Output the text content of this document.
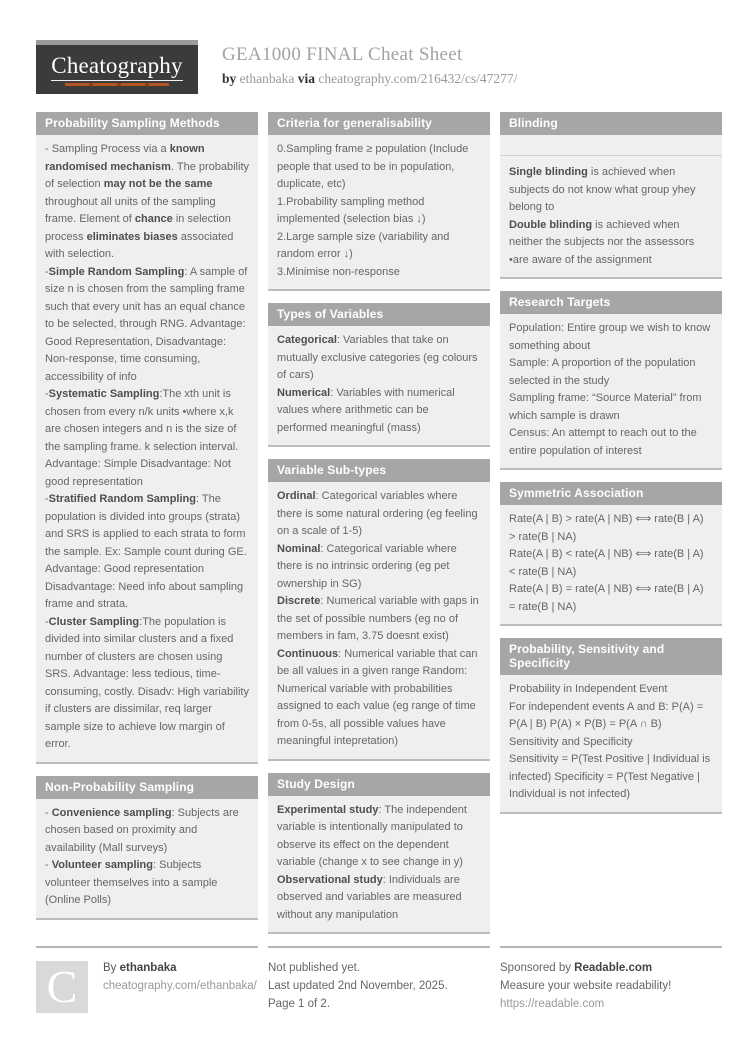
Cheatography GEA1000 FINAL Cheat Sheet
by ethanbaka via cheatography.com/216432/cs/47277/
Probability Sampling Methods
- Sampling Process via a known randomised mechanism. The probability of selection may not be the same throughout all units of the sampling frame. Element of chance in selection process eliminates biases associated with selection.
-Simple Random Sampling: A sample of size n is chosen from the sampling frame such that every unit has an equal chance to be selected, through RNG. Advantage: Good Representation, Disadvantage: Non-response, time consuming, accessibility of info
-Systematic Sampling:The xth unit is chosen from every n/k units •where x,k are chosen integers and n is the size of the sampling frame. k selection interval. Advantage: Simple Disadvantage: Not good representation
-Stratified Random Sampling: The population is divided into groups (strata) and SRS is applied to each strata to form the sample. Ex: Sample count during GE. Advantage: Good representation Disadvantage: Need info about sampling frame and strata.
-Cluster Sampling:The population is divided into similar clusters and a fixed number of clusters are chosen using SRS. Advantage: less tedious, time-consuming, costly. Disadv: High variability if clusters are dissimilar, req larger sample size to achieve low margin of error.
Non-Probability Sampling
- Convenience sampling: Subjects are chosen based on proximity and availability (Mall surveys)
- Volunteer sampling: Subjects volunteer themselves into a sample (Online Polls)
Criteria for generalisability
0.Sampling frame ≥ population (Include people that used to be in population, duplicate, etc)
1.Probability sampling method implemented (selection bias ↓)
2.Large sample size (variability and random error ↓)
3.Minimise non-response
Types of Variables
Categorical: Variables that take on mutually exclusive categories (eg colours of cars)
Numerical: Variables with numerical values where arithmetic can be performed meaningful (mass)
Variable Sub-types
Ordinal: Categorical variables where there is some natural ordering (eg feeling on a scale of 1-5)
Nominal: Categorical variable where there is no intrinsic ordering (eg pet ownership in SG)
Discrete: Numerical variable with gaps in the set of possible numbers (eg no of members in fam, 3.75 doesnt exist)
Continuous: Numerical variable that can be all values in a given range Random: Numerical variable with probabilities assigned to each value (eg range of time from 0-5s, all possible values have meaningful intepretation)
Study Design
Experimental study: The independent variable is intentionally manipulated to observe its effect on the dependent variable (change x to see change in y)
Observational study: Individuals are observed and variables are measured without any manipulation
Blinding
Single blinding is achieved when subjects do not know what group yhey belong to
Double blinding is achieved when neither the subjects nor the assessors •are aware of the assignment
Research Targets
Population: Entire group we wish to know something about
Sample: A proportion of the population selected in the study
Sampling frame: “Source Material” from which sample is drawn
Census: An attempt to reach out to the entire population of interest
Symmetric Association
Rate(A | B) > rate(A | NB) ⟺ rate(B | A) > rate(B | NA)
Rate(A | B) < rate(A | NB) ⟺ rate(B | A) < rate(B | NA)
Rate(A | B) = rate(A | NB) ⟺ rate(B | A) = rate(B | NA)
Probability, Sensitivity and Specificity
Probability in Independent Event
For independent events A and B: P(A) = P(A | B) P(A) × P(B) = P(A ∩ B)
Sensitivity and Specificity
Sensitivity = P(Test Positive | Individual is infected) Specificity = P(Test Negative | Individual is not infected)
C	By ethanbaka
cheatography.com/ethanbaka/
Not published yet.
Last updated 2nd November, 2025.
Page 1 of 2.
Sponsored by Readable.com
Measure your website readability!
https://readable.com
